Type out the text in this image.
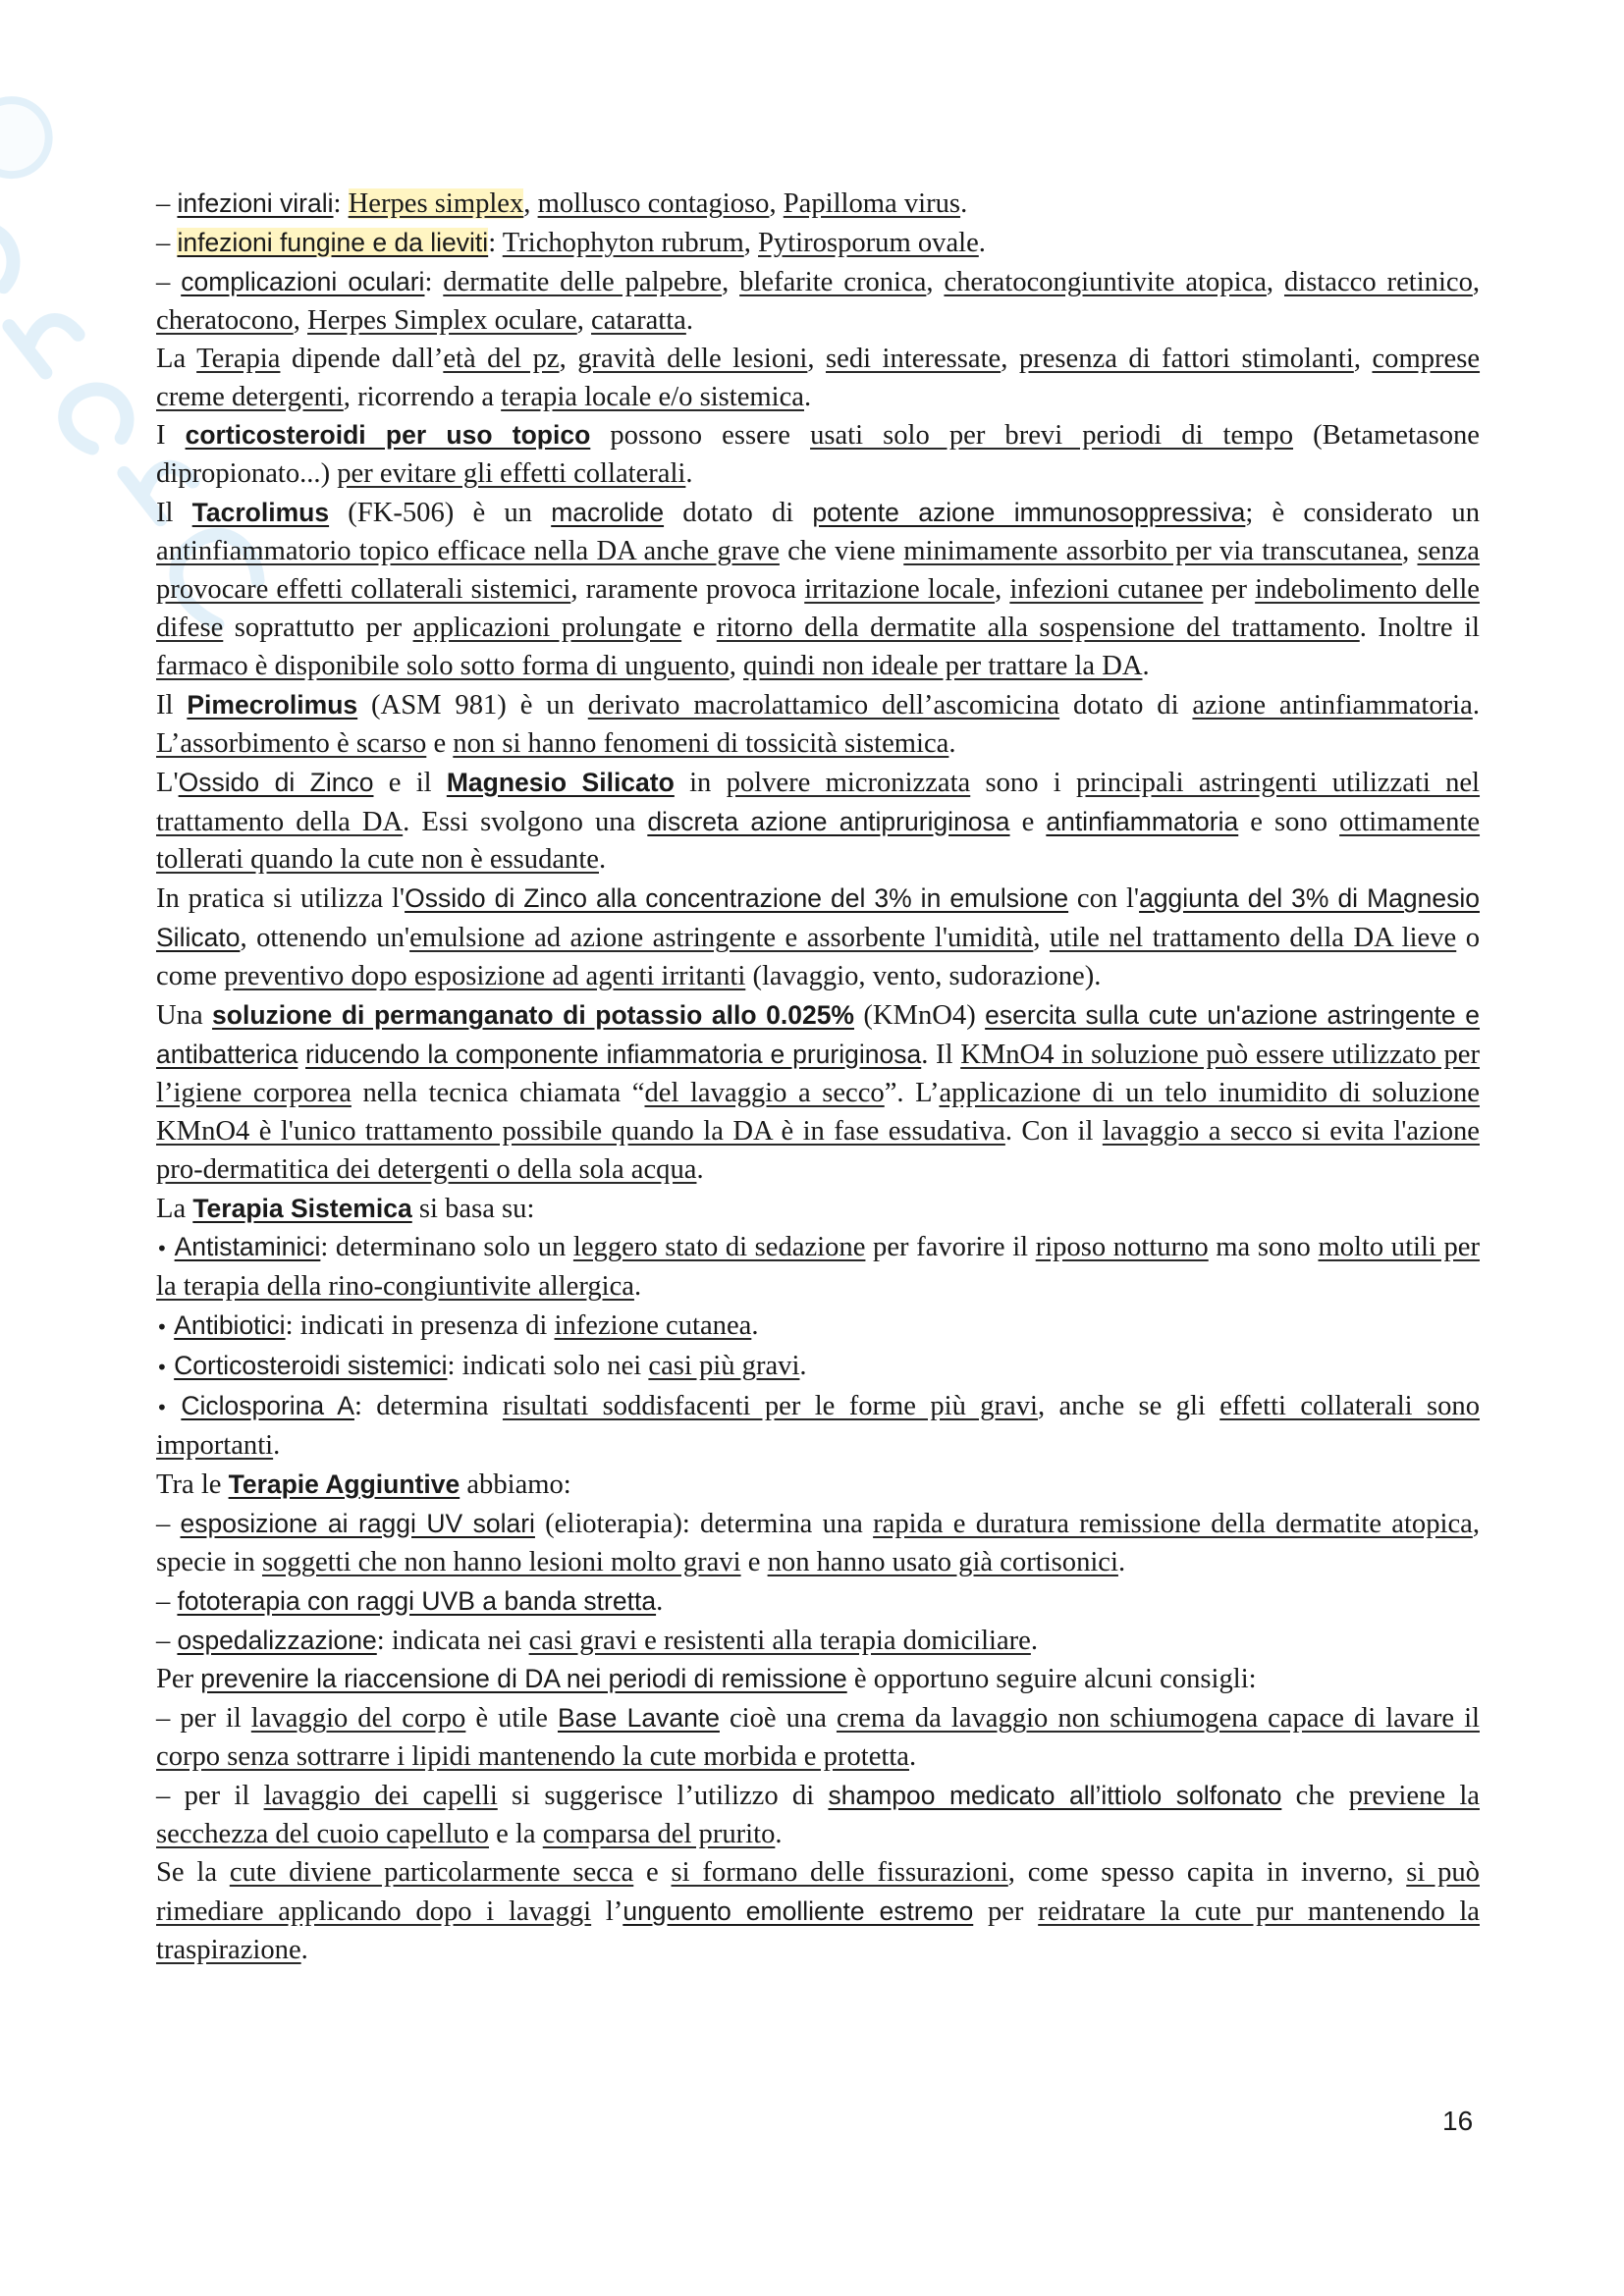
– infezioni virali: Herpes simplex, mollusco contagioso, Papilloma virus.

– infezioni fungine e da lieviti: Trichophyton rubrum, Pytirosporum ovale.

– complicazioni oculari: dermatite delle palpebre, blefarite cronica, cheratocongiuntivite atopica, distacco retinico, cheratocono, Herpes Simplex oculare, cataratta.

La Terapia dipende dall’età del pz, gravità delle lesioni, sedi interessate, presenza di fattori stimolanti, comprese creme detergenti, ricorrendo a terapia locale e/o sistemica.

I corticosteroidi per uso topico possono essere usati solo per brevi periodi di tempo (Betametasone dipropionato...) per evitare gli effetti collaterali.

Il Tacrolimus (FK-506) è un macrolide dotato di potente azione immunosoppressiva; è considerato un antinfiammatorio topico efficace nella DA anche grave che viene minimamente assorbito per via transcutanea, senza provocare effetti collaterali sistemici, raramente provoca irritazione locale, infezioni cutanee per indebolimento delle difese soprattutto per applicazioni prolungate e ritorno della dermatite alla sospensione del trattamento. Inoltre il farmaco è disponibile solo sotto forma di unguento, quindi non ideale per trattare la DA.

Il Pimecrolimus (ASM 981) è un derivato macrolattamico dell’ascomicina dotato di azione antinfiammatoria. L’assorbimento è scarso e non si hanno fenomeni di tossicità sistemica.

L'Ossido di Zinco e il Magnesio Silicato in polvere micronizzata sono i principali astringenti utilizzati nel trattamento della DA. Essi svolgono una discreta azione antipruriginosa e antinfiammatoria e sono ottimamente tollerati quando la cute non è essudante.

In pratica si utilizza l'Ossido di Zinco alla concentrazione del 3% in emulsione con l'aggiunta del 3% di Magnesio Silicato, ottenendo un'emulsione ad azione astringente e assorbente l'umidità, utile nel trattamento della DA lieve o come preventivo dopo esposizione ad agenti irritanti (lavaggio, vento, sudorazione).

Una soluzione di permanganato di potassio allo 0.025% (KMnO4) esercita sulla cute un'azione astringente e antibatterica riducendo la componente infiammatoria e pruriginosa. Il KMnO4 in soluzione può essere utilizzato per l’igiene corporea nella tecnica chiamata “del lavaggio a secco”. L’applicazione di un telo inumidito di soluzione KMnO4 è l'unico trattamento possibile quando la DA è in fase essudativa. Con il lavaggio a secco si evita l'azione pro-dermatitica dei detergenti o della sola acqua.

La Terapia Sistemica si basa su:

• Antistaminici: determinano solo un leggero stato di sedazione per favorire il riposo notturno ma sono molto utili per la terapia della rino-congiuntivite allergica.

• Antibiotici: indicati in presenza di infezione cutanea.

• Corticosteroidi sistemici: indicati solo nei casi più gravi.

• Ciclosporina A: determina risultati soddisfacenti per le forme più gravi, anche se gli effetti collaterali sono importanti.

Tra le Terapie Aggiuntive abbiamo:

– esposizione ai raggi UV solari (elioterapia): determina una rapida e duratura remissione della dermatite atopica, specie in soggetti che non hanno lesioni molto gravi e non hanno usato già cortisonici.

– fototerapia con raggi UVB a banda stretta.

– ospedalizzazione: indicata nei casi gravi e resistenti alla terapia domiciliare.

Per prevenire la riaccensione di DA nei periodi di remissione è opportuno seguire alcuni consigli:

– per il lavaggio del corpo è utile Base Lavante cioè una crema da lavaggio non schiumogena capace di lavare il corpo senza sottrarre i lipidi mantenendo la cute morbida e protetta.

– per il lavaggio dei capelli si suggerisce l’utilizzo di shampoo medicato all’ittiolo solfonato che previene la secchezza del cuoio capelluto e la comparsa del prurito.

Se la cute diviene particolarmente secca e si formano delle fissurazioni, come spesso capita in inverno, si può rimediare applicando dopo i lavaggi l’unguento emolliente estremo per reidratare la cute pur mantenendo la traspirazione.

16
